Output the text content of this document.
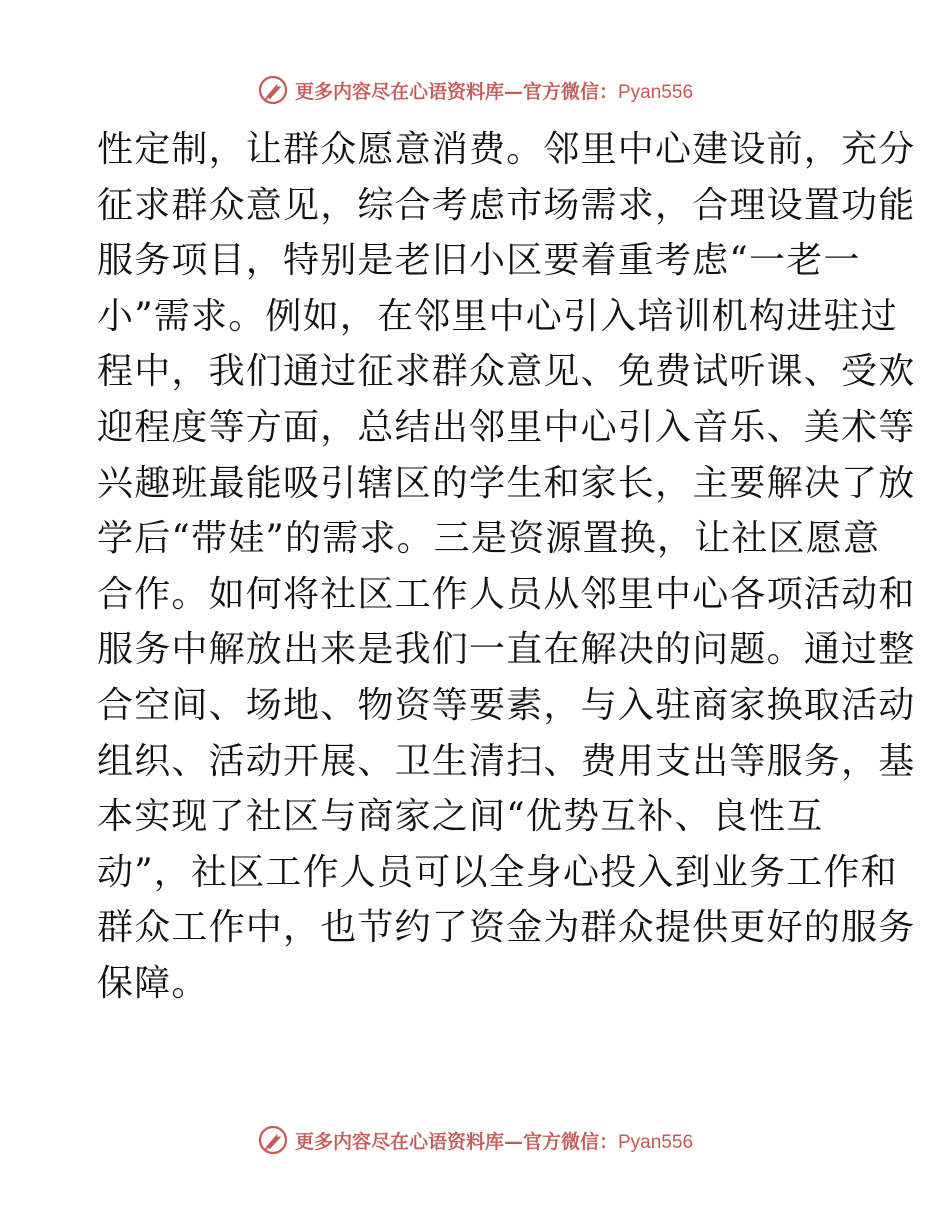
更多内容尽在心语资料库—官方微信：Pyan556
性定制，让群众愿意消费。邻里中心建设前，充分
征求群众意见，综合考虑市场需求，合理设置功能
服务项目，特别是老旧小区要着重考虑“一老一
小”需求。例如，在邻里中心引入培训机构进驻过
程中，我们通过征求群众意见、免费试听课、受欢
迎程度等方面，总结出邻里中心引入音乐、美术等
兴趣班最能吸引辖区的学生和家长，主要解决了放
学后“带娃”的需求。三是资源置换，让社区愿意
合作。如何将社区工作人员从邻里中心各项活动和
服务中解放出来是我们一直在解决的问题。通过整
合空间、场地、物资等要素，与入驻商家换取活动
组织、活动开展、卫生清扫、费用支出等服务，基
本实现了社区与商家之间“优势互补、良性互
动”，社区工作人员可以全身心投入到业务工作和
群众工作中，也节约了资金为群众提供更好的服务
保障。
更多内容尽在心语资料库—官方微信：Pyan556
